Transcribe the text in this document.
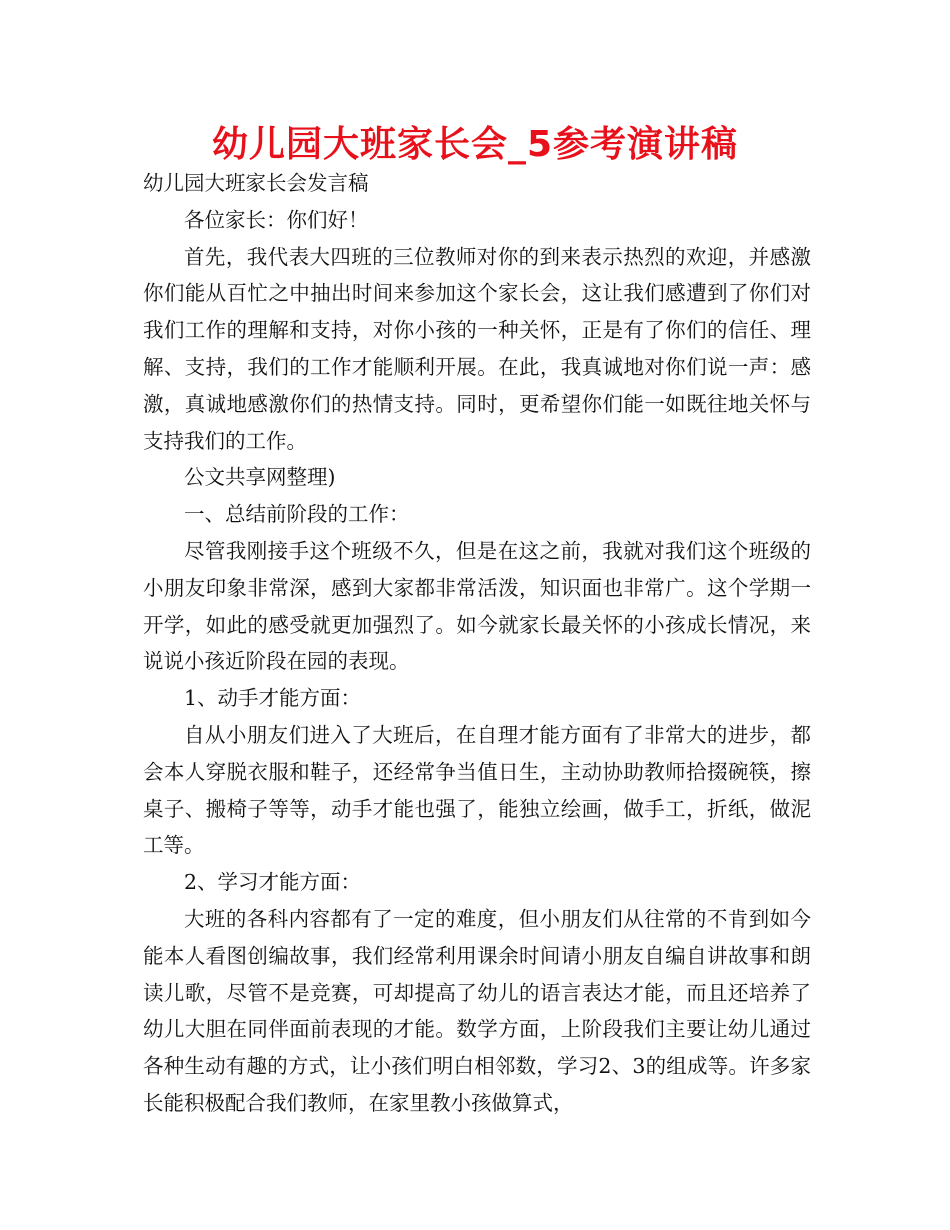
幼儿园大班家长会_5参考演讲稿

幼儿园大班家长会发言稿

各位家长：你们好！

首先，我代表大四班的三位教师对你的到来表示热烈的欢迎，并感激你们能从百忙之中抽出时间来参加这个家长会，这让我们感遭到了你们对我们工作的理解和支持，对你小孩的一种关怀，正是有了你们的信任、理解、支持，我们的工作才能顺利开展。在此，我真诚地对你们说一声：感激，真诚地感激你们的热情支持。同时，更希望你们能一如既往地关怀与支持我们的工作。

公文共享网整理)

一、总结前阶段的工作：

尽管我刚接手这个班级不久，但是在这之前，我就对我们这个班级的小朋友印象非常深，感到大家都非常活泼，知识面也非常广。这个学期一开学，如此的感受就更加强烈了。如今就家长最关怀的小孩成长情况，来说说小孩近阶段在园的表现。

1、动手才能方面：

自从小朋友们进入了大班后，在自理才能方面有了非常大的进步，都会本人穿脱衣服和鞋子，还经常争当值日生，主动协助教师拾掇碗筷，擦桌子、搬椅子等等，动手才能也强了，能独立绘画，做手工，折纸，做泥工等。

2、学习才能方面：

大班的各科内容都有了一定的难度，但小朋友们从往常的不肯到如今能本人看图创编故事，我们经常利用课余时间请小朋友自编自讲故事和朗读儿歌，尽管不是竞赛，可却提高了幼儿的语言表达才能，而且还培养了幼儿大胆在同伴面前表现的才能。数学方面，上阶段我们主要让幼儿通过各种生动有趣的方式，让小孩们明白相邻数，学习2、3的组成等。许多家长能积极配合我们教师，在家里教小孩做算式，
